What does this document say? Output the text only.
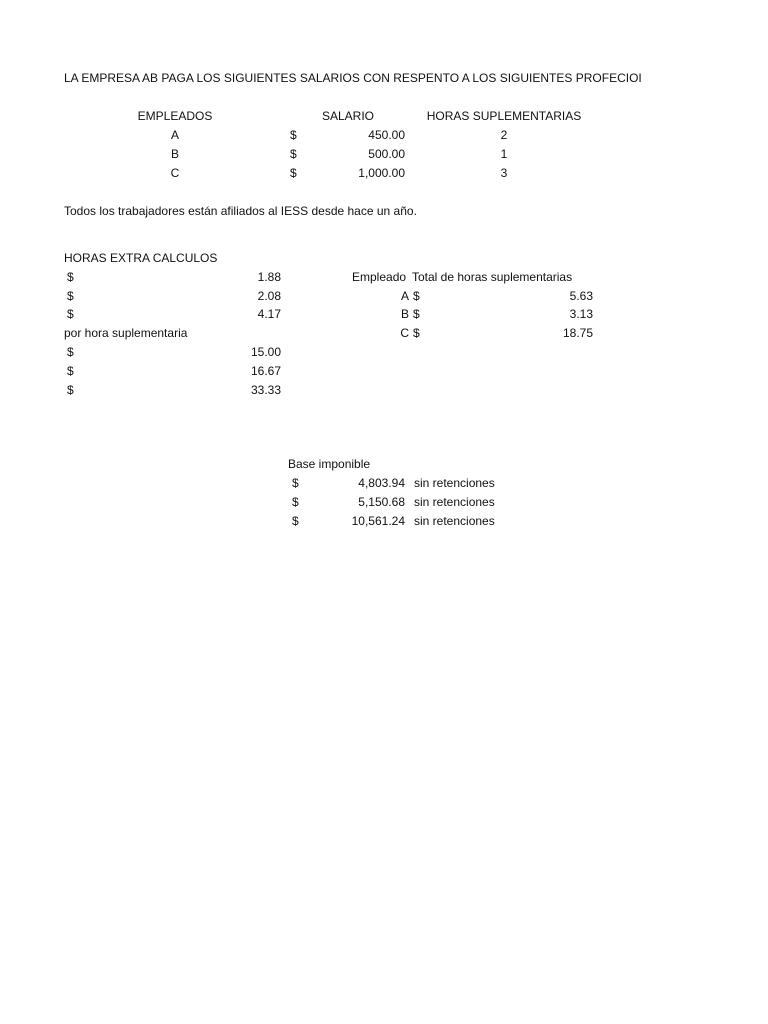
LA EMPRESA AB PAGA LOS SIGUIENTES SALARIOS CON RESPENTO A LOS SIGUIENTES PROFECIOI
EMPLEADOS	SALARIO	HORAS SUPLEMENTARIAS
A	$	450.00	2
B	$	500.00	1
C	$	1,000.00	3
Todos los trabajadores están afiliados al IESS desde hace un año.
HORAS EXTRA CALCULOS
$	1.88
$	2.08
$	4.17
por hora suplementaria
$	15.00
$	16.67
$	33.33
Empleado Total de horas suplementarias
A $	5.63
B $	3.13
C $	18.75
Base imponible
$	4,803.94 sin retenciones
$	5,150.68 sin retenciones
$	10,561.24 sin retenciones
